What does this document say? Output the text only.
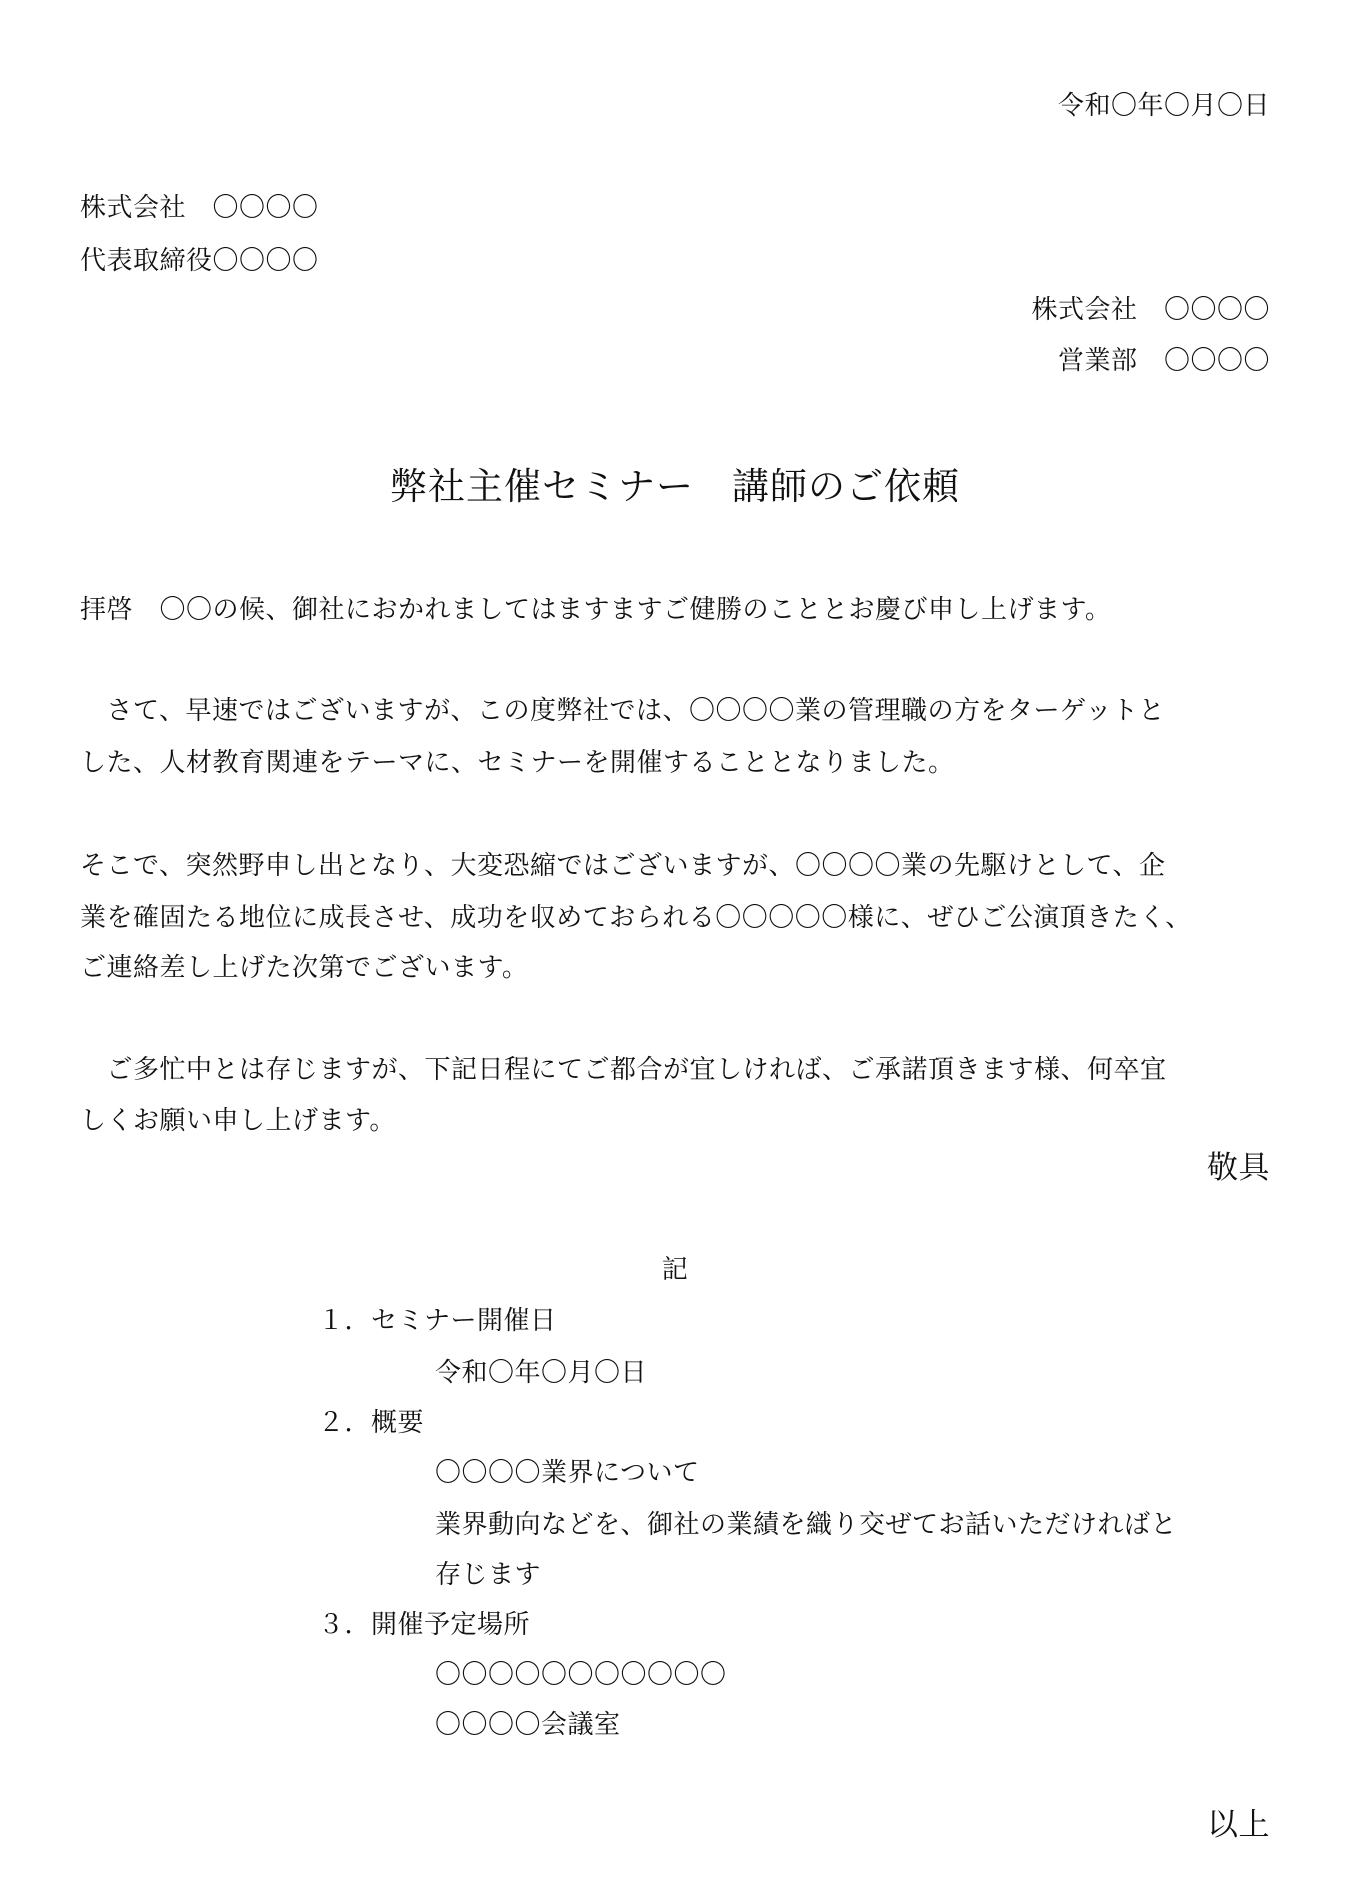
令和〇年〇月〇日
株式会社　〇〇〇〇
代表取締役〇〇〇〇
株式会社　〇〇〇〇
営業部　〇〇〇〇
弊社主催セミナー　講師のご依頼
拝啓　〇〇の候、御社におかれましてはますますご健勝のこととお慶び申し上げます。
　さて、早速ではございますが、この度弊社では、〇〇〇〇業の管理職の方をターゲットと
した、人材教育関連をテーマに、セミナーを開催することとなりました。
そこで、突然野申し出となり、大変恐縮ではございますが、〇〇〇〇業の先駆けとして、企
業を確固たる地位に成長させ、成功を収めておられる〇〇〇〇〇様に、ぜひご公演頂きたく、
ご連絡差し上げた次第でございます。
　ご多忙中とは存じますが、下記日程にてご都合が宜しければ、ご承諾頂きます様、何卒宜
しくお願い申し上げます。
敬具
記
１．セミナー開催日
令和〇年〇月〇日
２．概要
〇〇〇〇業界について
業界動向などを、御社の業績を織り交ぜてお話いただければと
存じます
３．開催予定場所
〇〇〇〇〇〇〇〇〇〇〇
〇〇〇〇会議室
以上
